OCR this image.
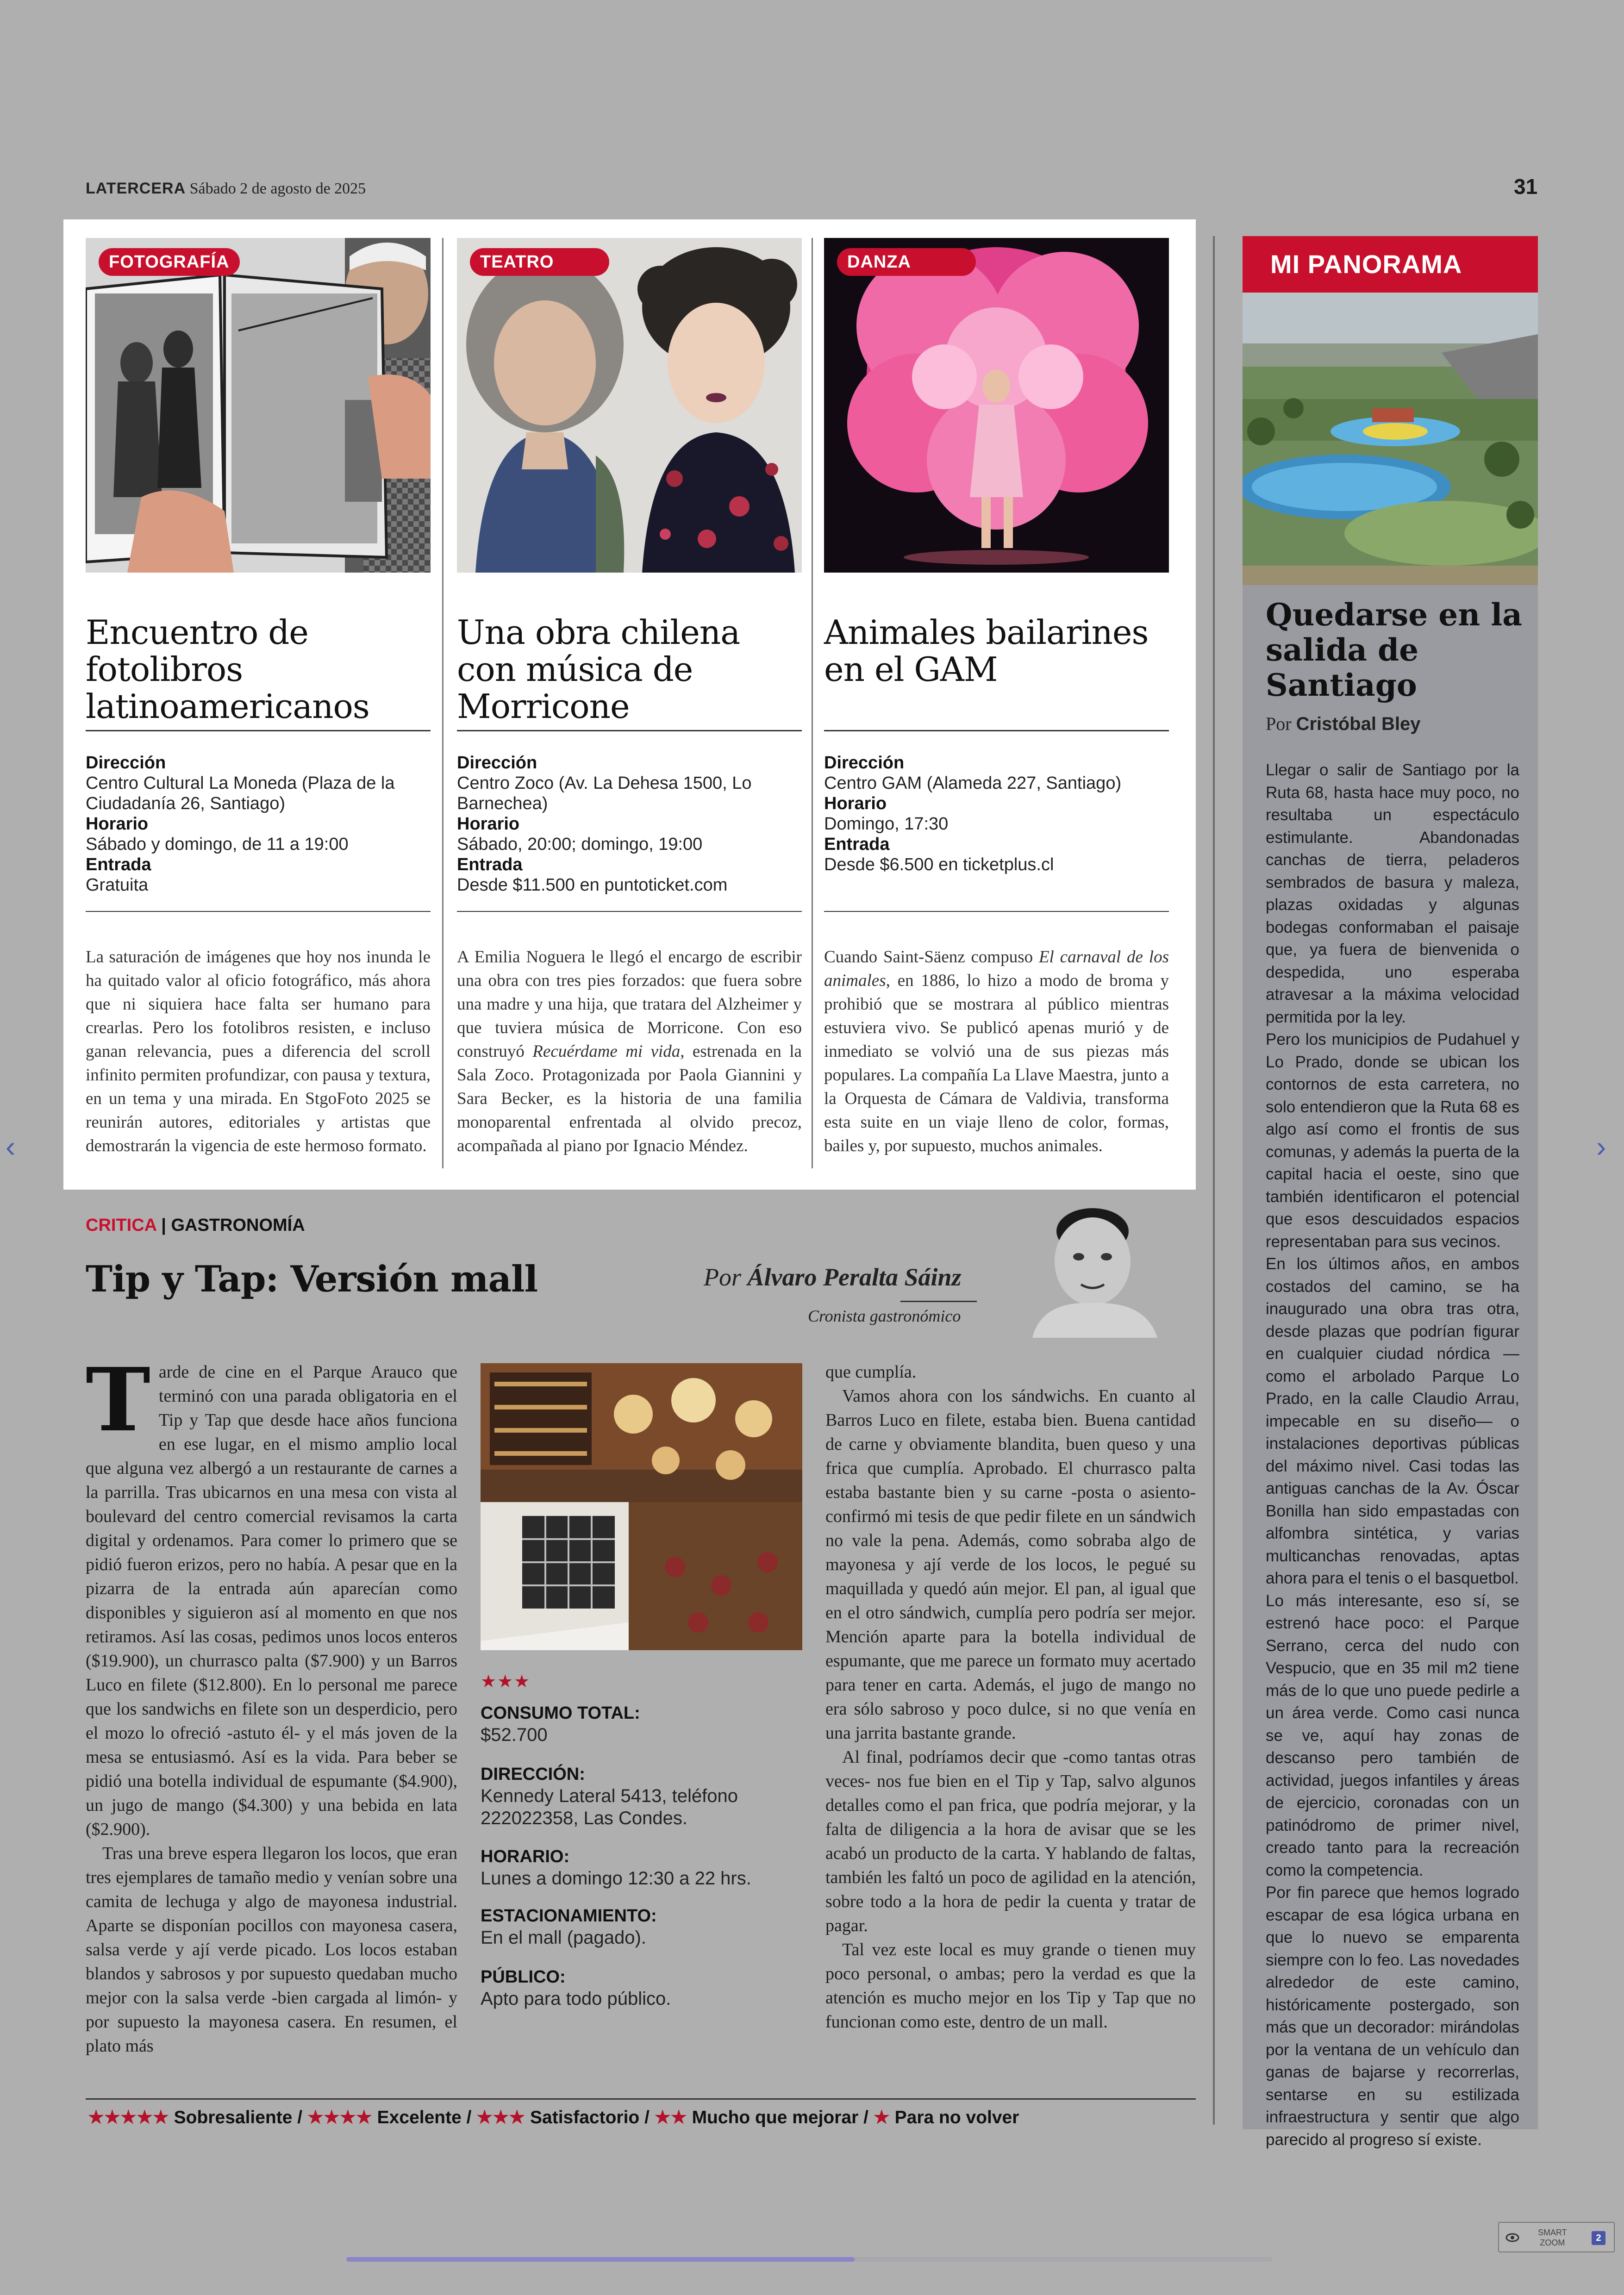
LATERCERA Sábado 2 de agosto de 2025	31
‹	›
FOTOGRAFÍA
Encuentro de fotolibros latinoamericanos
Dirección
Centro Cultural La Moneda (Plaza de la Ciudadanía 26, Santiago)
Horario
Sábado y domingo, de 11 a 19:00
Entrada
Gratuita
La saturación de imágenes que hoy nos inunda le ha quitado valor al oficio fotográfico, más ahora que ni siquiera hace falta ser humano para crearlas. Pero los fotolibros resisten, e incluso ganan relevancia, pues a diferencia del scroll infinito permiten profundizar, con pausa y textura, en un tema y una mirada. En StgoFoto 2025 se reunirán autores, editoriales y artistas que demostrarán la vigencia de este hermoso formato.
TEATRO
Una obra chilena con música de Morricone
Dirección
Centro Zoco (Av. La Dehesa 1500, Lo Barnechea)
Horario
Sábado, 20:00; domingo, 19:00
Entrada
Desde $11.500 en puntoticket.com
A Emilia Noguera le llegó el encargo de escribir una obra con tres pies forzados: que fuera sobre una madre y una hija, que tratara del Alzheimer y que tuviera música de Morricone. Con eso construyó Recuérdame mi vida, estrenada en la Sala Zoco. Protagonizada por Paola Giannini y Sara Becker, es la historia de una familia monoparental enfrentada al olvido precoz, acompañada al piano por Ignacio Méndez.
DANZA
Animales bailarines en el GAM
Dirección
Centro GAM (Alameda 227, Santiago)
Horario
Domingo, 17:30
Entrada
Desde $6.500 en ticketplus.cl
Cuando Saint-Säenz compuso El carnaval de los animales, en 1886, lo hizo a modo de broma y prohibió que se mostrara al público mientras estuviera vivo. Se publicó apenas murió y de inmediato se volvió una de sus piezas más populares. La compañía La Llave Maestra, junto a la Orquesta de Cámara de Valdivia, transforma esta suite en un viaje lleno de color, formas, bailes y, por supuesto, muchos animales.
MI PANORAMA
Quedarse en la salida de Santiago
Por Cristóbal Bley

Llegar o salir de Santiago por la Ruta 68, hasta hace muy poco, no resultaba un espectáculo estimulante. Abandonadas canchas de tierra, peladeros sembrados de basura y maleza, plazas oxidadas y algunas bodegas conformaban el paisaje que, ya fuera de bienvenida o despedida, uno esperaba atravesar a la máxima velocidad permitida por la ley.

Pero los municipios de Pudahuel y Lo Prado, donde se ubican los contornos de esta carretera, no solo entendieron que la Ruta 68 es algo así como el frontis de sus comunas, y además la puerta de la capital hacia el oeste, sino que también identificaron el potencial que esos descuidados espacios representaban para sus vecinos.

En los últimos años, en ambos costados del camino, se ha inaugurado una obra tras otra, desde plazas que podrían figurar en cualquier ciudad nórdica —como el arbolado Parque Lo Prado, en la calle Claudio Arrau, impecable en su diseño— o instalaciones deportivas públicas del máximo nivel. Casi todas las antiguas canchas de la Av. Óscar Bonilla han sido empastadas con alfombra sintética, y varias multicanchas renovadas, aptas ahora para el tenis o el basquetbol.

Lo más interesante, eso sí, se estrenó hace poco: el Parque Serrano, cerca del nudo con Vespucio, que en 35 mil m2 tiene más de lo que uno puede pedirle a un área verde. Como casi nunca se ve, aquí hay zonas de descanso pero también de actividad, juegos infantiles y áreas de ejercicio, coronadas con un patinódromo de primer nivel, creado tanto para la recreación como la competencia.

Por fin parece que hemos logrado escapar de esa lógica urbana en que lo nuevo se emparenta siempre con lo feo. Las novedades alrededor de este camino, históricamente postergado, son más que un decorador: mirándolas por la ventana de un vehículo dan ganas de bajarse y recorrerlas, sentarse en su estilizada infraestructura y sentir que algo parecido al progreso sí existe.

CRITICA | GASTRONOMÍA
Tip y Tap: Versión mall	Por Álvaro Peralta Sáinz
Cronista gastronómico

Tarde de cine en el Parque Arauco que terminó con una parada obligatoria en el Tip y Tap que desde hace años funciona en ese lugar, en el mismo amplio local que alguna vez albergó a un restaurante de carnes a la parrilla. Tras ubicarnos en una mesa con vista al boulevard del centro comercial revisamos la carta digital y ordenamos. Para comer lo primero que se pidió fueron erizos, pero no había. A pesar que en la pizarra de la entrada aún aparecían como disponibles y siguieron así al momento en que nos retiramos. Así las cosas, pedimos unos locos enteros ($19.900), un churrasco palta ($7.900) y un Barros Luco en filete ($12.800). En lo personal me parece que los sandwichs en filete son un desperdicio, pero el mozo lo ofreció -astuto él- y el más joven de la mesa se entusiasmó. Así es la vida. Para beber se pidió una botella individual de espumante ($4.900), un jugo de mango ($4.300) y una bebida en lata ($2.900).

Tras una breve espera llegaron los locos, que eran tres ejemplares de tamaño medio y venían sobre una camita de lechuga y algo de mayonesa industrial. Aparte se disponían pocillos con mayonesa casera, salsa verde y ají verde picado. Los locos estaban blandos y sabrosos y por supuesto quedaban mucho mejor con la salsa verde -bien cargada al limón- y por supuesto la mayonesa casera. En resumen, el plato más

★★★
CONSUMO TOTAL:
$52.700
DIRECCIÓN:
Kennedy Lateral 5413, teléfono 222022358, Las Condes.
HORARIO:
Lunes a domingo 12:30 a 22 hrs.
ESTACIONAMIENTO:
En el mall (pagado).
PÚBLICO:
Apto para todo público.

que cumplía.

Vamos ahora con los sándwichs. En cuanto al Barros Luco en filete, estaba bien. Buena cantidad de carne y obviamente blandita, buen queso y una frica que cumplía. Aprobado. El churrasco palta estaba bastante bien y su carne -posta o asiento- confirmó mi tesis de que pedir filete en un sándwich no vale la pena. Además, como sobraba algo de mayonesa y ají verde de los locos, le pegué su maquillada y quedó aún mejor. El pan, al igual que en el otro sándwich, cumplía pero podría ser mejor. Mención aparte para la botella individual de espumante, que me parece un formato muy acertado para tener en carta. Además, el jugo de mango no era sólo sabroso y poco dulce, si no que venía en una jarrita bastante grande.

Al final, podríamos decir que -como tantas otras veces- nos fue bien en el Tip y Tap, salvo algunos detalles como el pan frica, que podría mejorar, y la falta de diligencia a la hora de avisar que se les acabó un producto de la carta. Y hablando de faltas, también les faltó un poco de agilidad en la atención, sobre todo a la hora de pedir la cuenta y tratar de pagar.

Tal vez este local es muy grande o tienen muy poco personal, o ambas; pero la verdad es que la atención es mucho mejor en los Tip y Tap que no funcionan como este, dentro de un mall.

★★★★★ Sobresaliente / ★★★★ Excelente / ★★★ Satisfactorio / ★★ Mucho que mejorar / ★ Para no volver
SMART
ZOOM	2
